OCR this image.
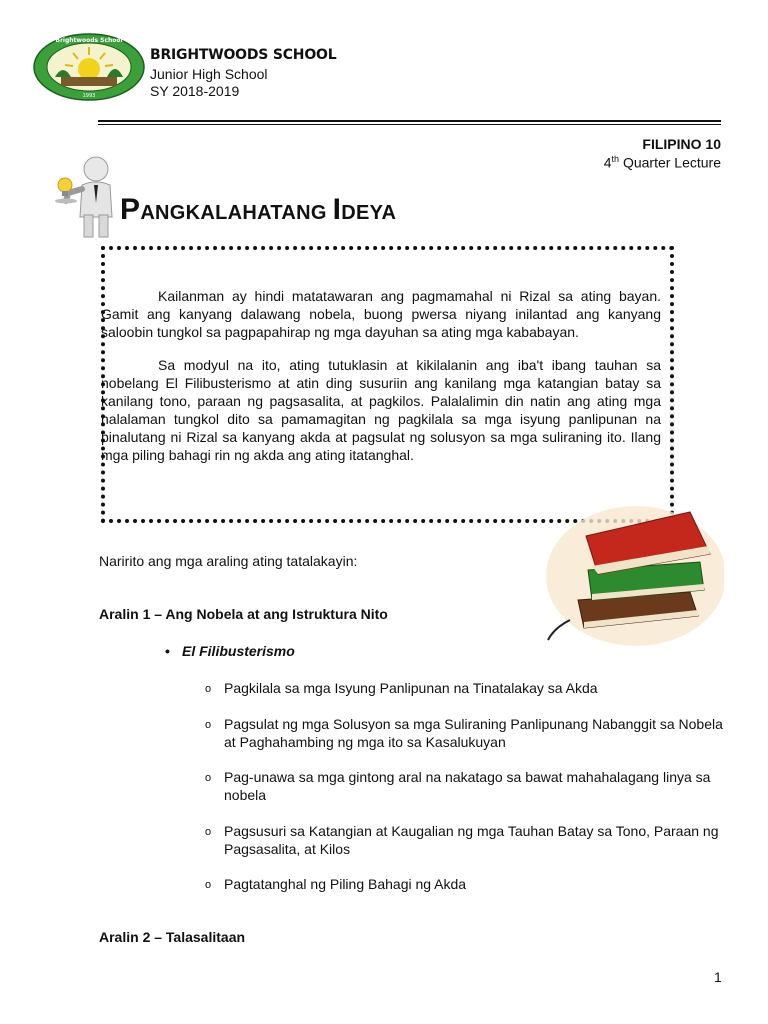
Brightwoods School
1993
BRIGHTWOODS SCHOOL
Junior High School
SY 2018-2019
FILIPINO 10
4th Quarter Lecture
PANGKALAHATANG IDEYA
Kailanman ay hindi matatawaran ang pagmamahal ni Rizal sa ating bayan. Gamit ang kanyang dalawang nobela, buong pwersa niyang inilantad ang kanyang saloobin tungkol sa pagpapahirap ng mga dayuhan sa ating mga kababayan.
Sa modyul na ito, ating tutuklasin at kikilalanin ang iba't ibang tauhan sa nobelang El Filibusterismo at atin ding susuriin ang kanilang mga katangian batay sa kanilang tono, paraan ng pagsasalita, at pagkilos. Palalalimin din natin ang ating mga nalalaman tungkol dito sa pamamagitan ng pagkilala sa mga isyung panlipunan na pinalutang ni Rizal sa kanyang akda at pagsulat ng solusyon sa mga suliraning ito. Ilang mga piling bahagi rin ng akda ang ating itatanghal.
Naririto ang mga araling ating tatalakayin:
Aralin 1 – Ang Nobela at ang Istruktura Nito
• El Filibusterismo
o Pagkilala sa mga Isyung Panlipunan na Tinatalakay sa Akda
o Pagsulat ng mga Solusyon sa mga Suliraning Panlipunang Nabanggit sa Nobela at Paghahambing ng mga ito sa Kasalukuyan
o Pag-unawa sa mga gintong aral na nakatago sa bawat mahahalagang linya sa nobela
o Pagsusuri sa Katangian at Kaugalian ng mga Tauhan Batay sa Tono, Paraan ng Pagsasalita, at Kilos
o Pagtatanghal ng Piling Bahagi ng Akda
Aralin 2 – Talasalitaan
1
